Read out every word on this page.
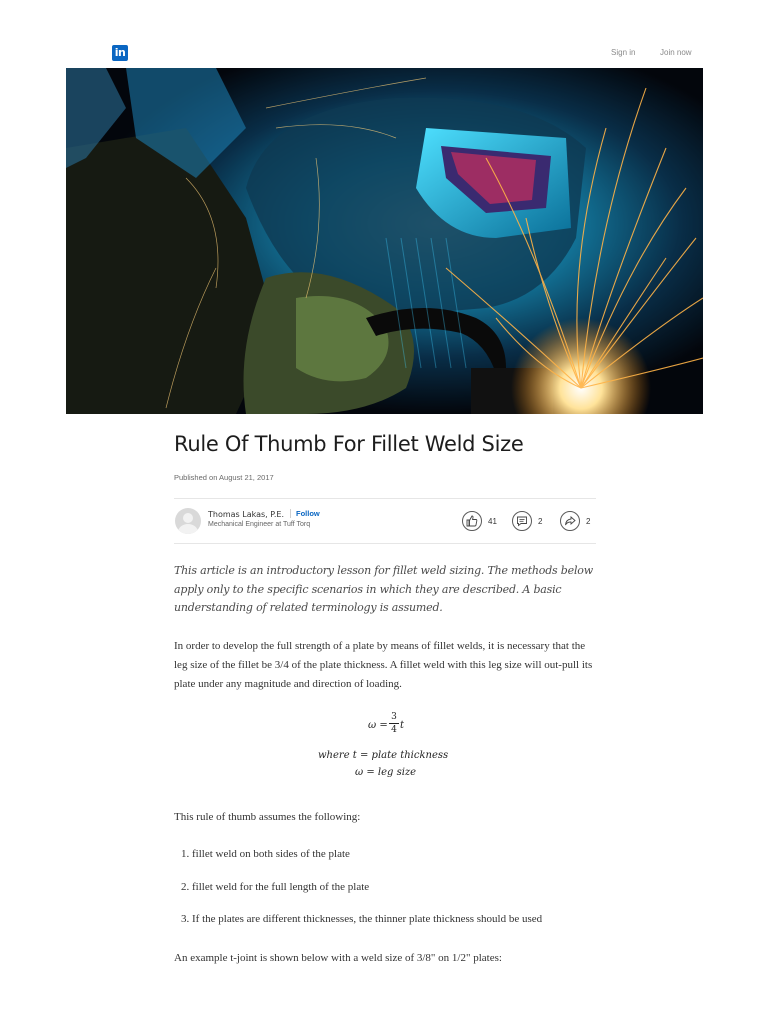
in	Sign in	Join now
Rule Of Thumb For Fillet Weld Size
Published on August 21, 2017
Thomas Lakas, P.E.	Follow
Mechanical Engineer at Tuff Torq	41	2	2

This article is an introductory lesson for fillet weld sizing. The methods below apply only to the specific scenarios in which they are described. A basic understanding of related terminology is assumed.

In order to develop the full strength of a plate by means of fillet welds, it is necessary that the leg size of the fillet be 3/4 of the plate thickness. A fillet weld with this leg size will out-pull its plate under any magnitude and direction of loading.

ω =
3
4 t
where t = plate thickness
ω = leg size

This rule of thumb assumes the following:

1. fillet weld on both sides of the plate
2. fillet weld for the full length of the plate
3. If the plates are different thicknesses, the thinner plate thickness should be used

An example t-joint is shown below with a weld size of 3/8" on 1/2" plates:
